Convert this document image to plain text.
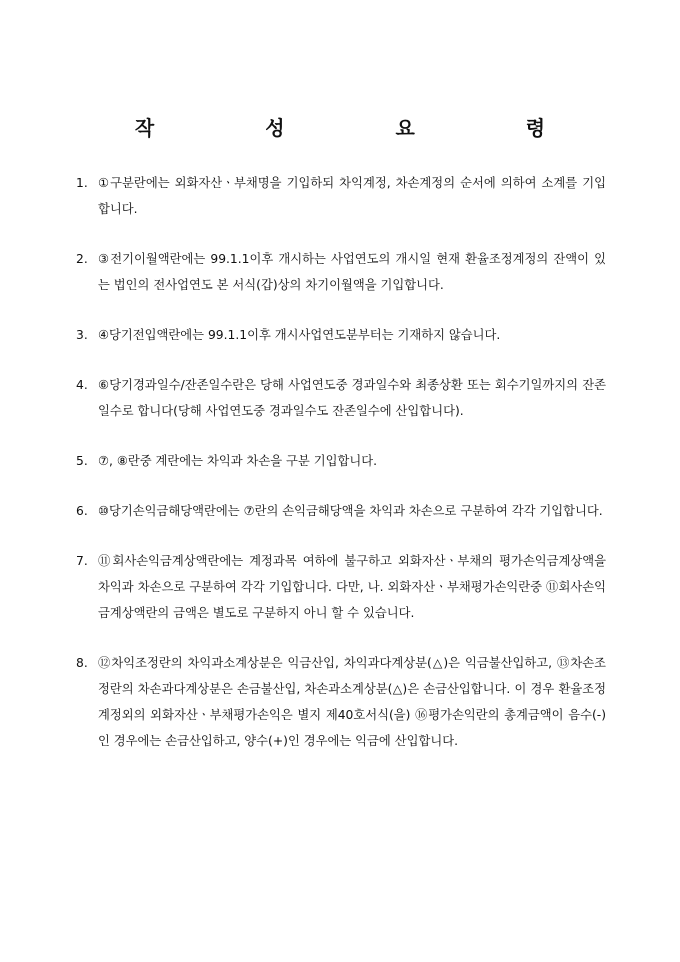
작 성 요 령
1. ①구분란에는 외화자산ㆍ부채명을 기입하되 차익계정, 차손계정의 순서에 의하여 소계를 기입합니다.
2. ③전기이월액란에는 99.1.1이후 개시하는 사업연도의 개시일 현재 환율조정계정의 잔액이 있는 법인의 전사업연도 본 서식(갑)상의 차기이월액을 기입합니다.
3. ④당기전입액란에는 99.1.1이후 개시사업연도분부터는 기재하지 않습니다.
4. ⑥당기경과일수/잔존일수란은 당해 사업연도중 경과일수와 최종상환 또는 회수기일까지의 잔존일수로 합니다(당해 사업연도중 경과일수도 잔존일수에 산입합니다).
5. ⑦, ⑧란중 계란에는 차익과 차손을 구분 기입합니다.
6. ⑩당기손익금해당액란에는 ⑦란의 손익금해당액을 차익과 차손으로 구분하여 각각 기입합니다.
7. ⑪회사손익금계상액란에는 계정과목 여하에 불구하고 외화자산ㆍ부채의 평가손익금계상액을 차익과 차손으로 구분하여 각각 기입합니다. 다만, 나. 외화자산ㆍ부채평가손익란중 ⑪회사손익금계상액란의 금액은 별도로 구분하지 아니 할 수 있습니다.
8. ⑫차익조정란의 차익과소계상분은 익금산입, 차익과다계상분(△)은 익금불산입하고, ⑬차손조정란의 차손과다계상분은 손금불산입, 차손과소계상분(△)은 손금산입합니다. 이 경우 환율조정계정외의 외화자산ㆍ부채평가손익은 별지 제40호서식(을) ⑯평가손익란의 총계금액이 음수(-)인 경우에는 손금산입하고, 양수(+)인 경우에는 익금에 산입합니다.
